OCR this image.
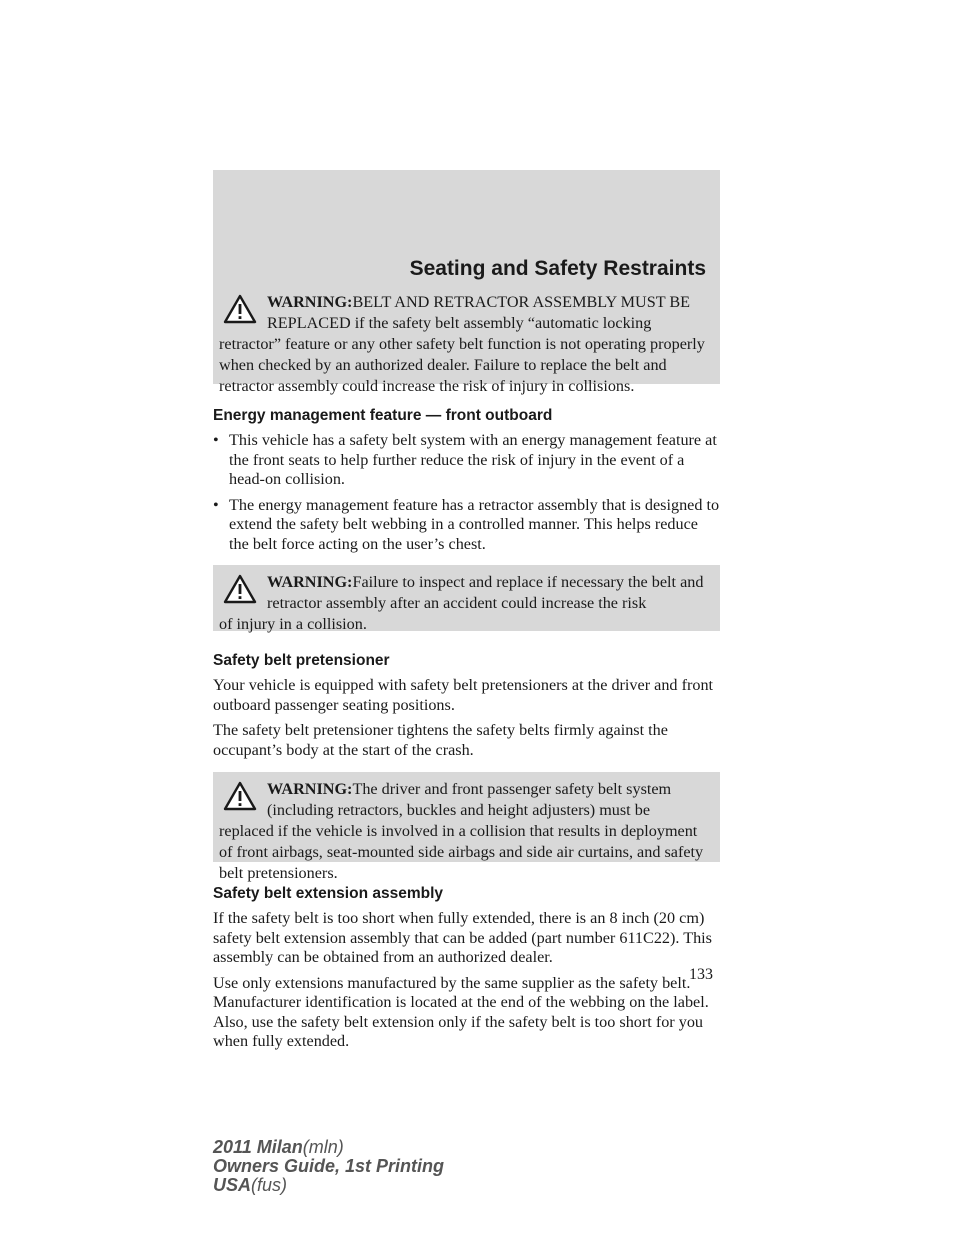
Seating and Safety Restraints
WARNING:BELT AND RETRACTOR ASSEMBLY MUST BE REPLACED if the safety belt assembly “automatic locking
retractor” feature or any other safety belt function is not operating properly when checked by an authorized dealer. Failure to replace the belt and retractor assembly could increase the risk of injury in collisions.
Energy management feature — front outboard
• This vehicle has a safety belt system with an energy management feature at the front seats to help further reduce the risk of injury in the event of a head-on collision.
• The energy management feature has a retractor assembly that is designed to extend the safety belt webbing in a controlled manner. This helps reduce the belt force acting on the user’s chest.
WARNING:Failure to inspect and replace if necessary the belt and retractor assembly after an accident could increase the risk
of injury in a collision.
Safety belt pretensioner

Your vehicle is equipped with safety belt pretensioners at the driver and front outboard passenger seating positions.

The safety belt pretensioner tightens the safety belts firmly against the occupant’s body at the start of the crash.

WARNING:The driver and front passenger safety belt system (including retractors, buckles and height adjusters) must be
replaced if the vehicle is involved in a collision that results in deployment of front airbags, seat-mounted side airbags and side air curtains, and safety belt pretensioners.
Safety belt extension assembly

If the safety belt is too short when fully extended, there is an 8 inch (20 cm) safety belt extension assembly that can be added (part number 611C22). This assembly can be obtained from an authorized dealer.

Use only extensions manufactured by the same supplier as the safety belt. Manufacturer identification is located at the end of the webbing on the label. Also, use the safety belt extension only if the safety belt is too short for you when fully extended.

133
2011 Milan(mln)
Owners Guide, 1st Printing
USA(fus)
